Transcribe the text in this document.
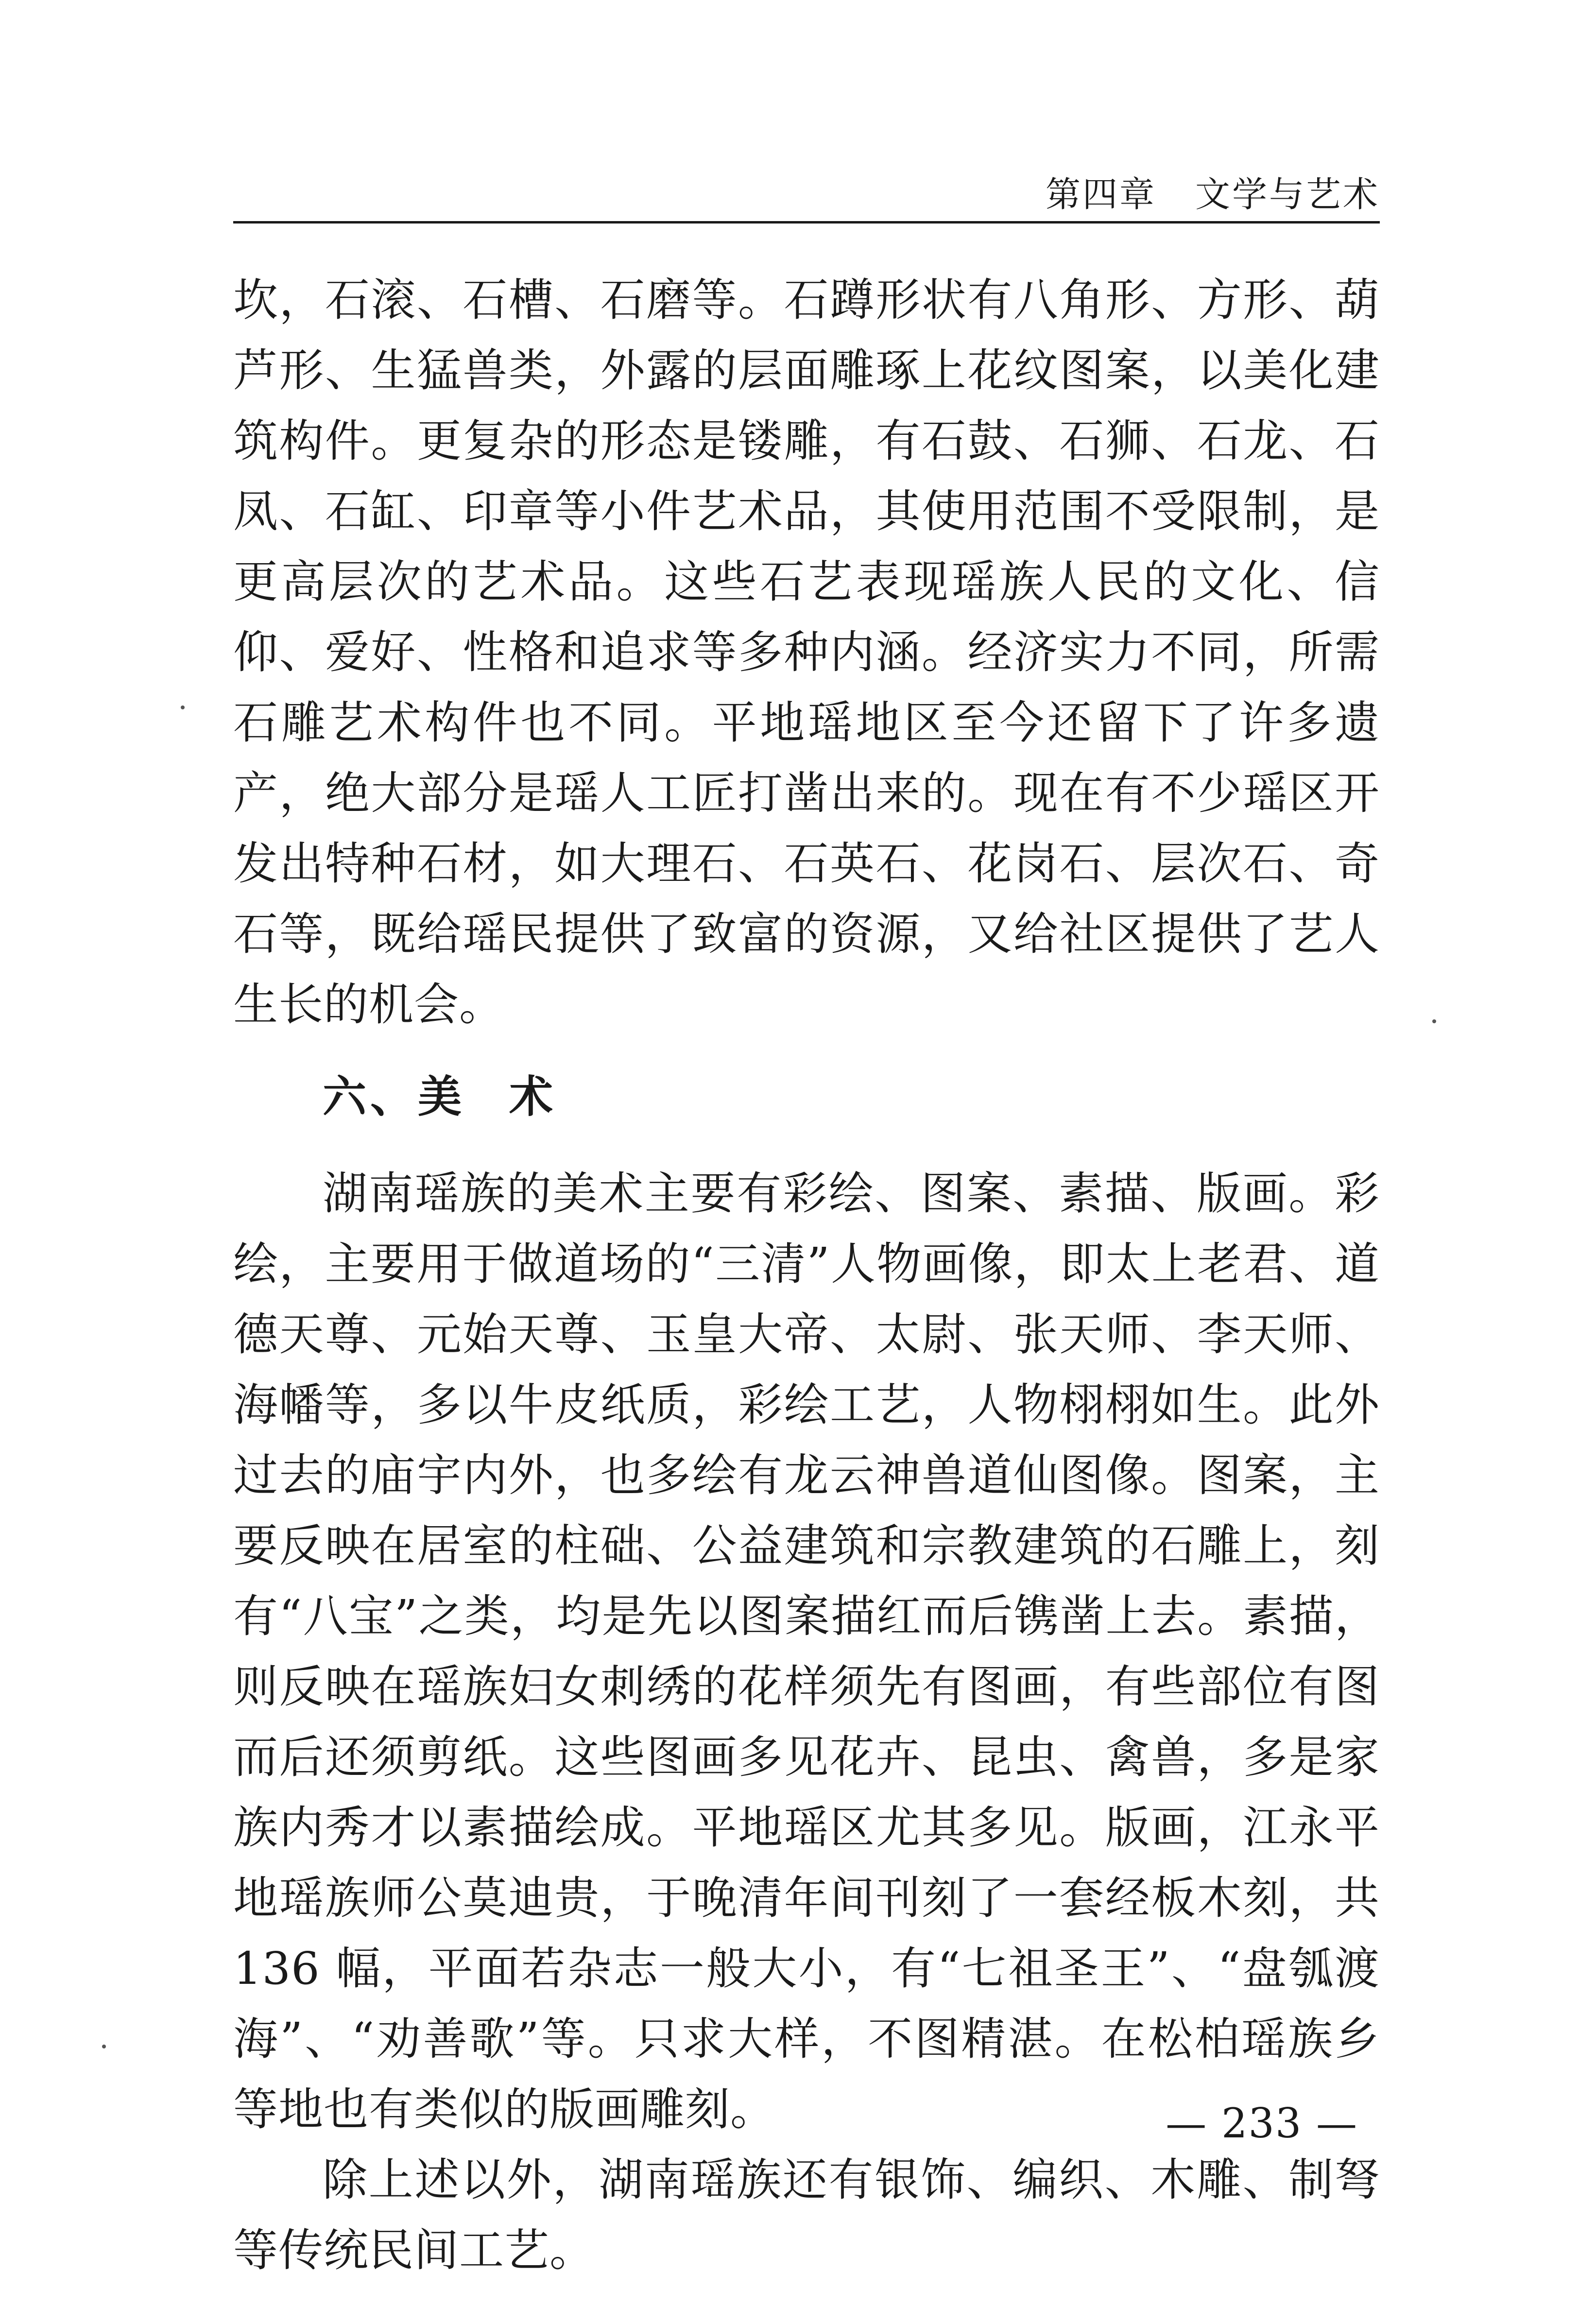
第四章 文学与艺术

坎，石滚、石槽、石磨等。石蹲形状有八角形、方形、葫芦形、生猛兽类，外露的层面雕琢上花纹图案，以美化建筑构件。更复杂的形态是镂雕，有石鼓、石狮、石龙、石凤、石缸、印章等小件艺术品，其使用范围不受限制，是更高层次的艺术品。这些石艺表现瑶族人民的文化、信仰、爱好、性格和追求等多种内涵。经济实力不同，所需石雕艺术构件也不同。平地瑶地区至今还留下了许多遗产，绝大部分是瑶人工匠打凿出来的。现在有不少瑶区开发出特种石材，如大理石、石英石、花岗石、层次石、奇石等，既给瑶民提供了致富的资源，又给社区提供了艺人生长的机会。

六、美 术

湖南瑶族的美术主要有彩绘、图案、素描、版画。彩绘，主要用于做道场的“三清”人物画像，即太上老君、道德天尊、元始天尊、玉皇大帝、太尉、张天师、李天师、海幡等，多以牛皮纸质，彩绘工艺，人物栩栩如生。此外过去的庙宇内外，也多绘有龙云神兽道仙图像。图案，主要反映在居室的柱础、公益建筑和宗教建筑的石雕上，刻有“八宝”之类，均是先以图案描红而后镌凿上去。素描，则反映在瑶族妇女刺绣的花样须先有图画，有些部位有图而后还须剪纸。这些图画多见花卉、昆虫、禽兽，多是家族内秀才以素描绘成。平地瑶区尤其多见。版画，江永平地瑶族师公莫迪贵，于晚清年间刊刻了一套经板木刻，共136 幅，平面若杂志一般大小，有“七祖圣王”、“盘瓠渡海”、“劝善歌”等。只求大样，不图精湛。在松柏瑶族乡等地也有类似的版画雕刻。

除上述以外，湖南瑶族还有银饰、编织、木雕、制弩等传统民间工艺。

— 233 —
